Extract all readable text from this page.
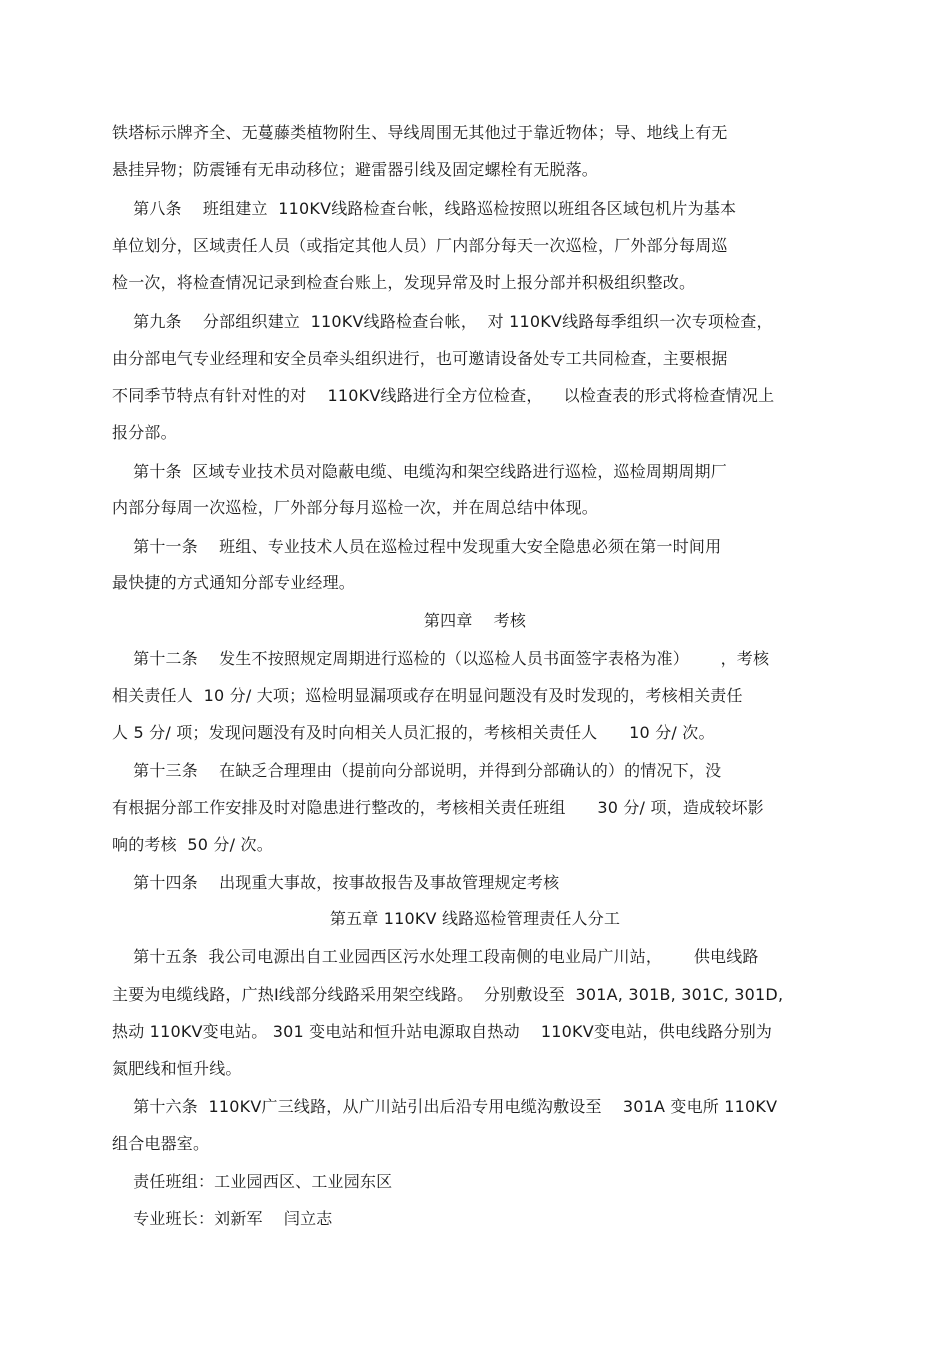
铁塔标示牌齐全、无蔓藤类植物附生、导线周围无其他过于靠近物体；导、地线上有无
悬挂异物；防震锤有无串动移位；避雷器引线及固定螺栓有无脱落。
第八条    班组建立  110KV线路检查台帐，线路巡检按照以班组各区域包机片为基本
单位划分，区域责任人员（或指定其他人员）厂内部分每天一次巡检，厂外部分每周巡
检一次，将检查情况记录到检查台账上，发现异常及时上报分部并积极组织整改。
第九条    分部组织建立  110KV线路检查台帐，  对 110KV线路每季组织一次专项检查，
由分部电气专业经理和安全员牵头组织进行，也可邀请设备处专工共同检查，主要根据
不同季节特点有针对性的对    110KV线路进行全方位检查，    以检查表的形式将检查情况上
报分部。
第十条  区域专业技术员对隐蔽电缆、电缆沟和架空线路进行巡检，巡检周期周期厂
内部分每周一次巡检，厂外部分每月巡检一次，并在周总结中体现。
第十一条    班组、专业技术人员在巡检过程中发现重大安全隐患必须在第一时间用
最快捷的方式通知分部专业经理。
第四章    考核
第十二条    发生不按照规定周期进行巡检的（以巡检人员书面签字表格为准）      ，考核
相关责任人  10 分/ 大项；巡检明显漏项或存在明显问题没有及时发现的，考核相关责任
人 5 分/ 项；发现问题没有及时向相关人员汇报的，考核相关责任人      10 分/ 次。
第十三条    在缺乏合理理由（提前向分部说明，并得到分部确认的）的情况下，没
有根据分部工作安排及时对隐患进行整改的，考核相关责任班组      30 分/ 项，造成较坏影
响的考核  50 分/ 次。
第十四条    出现重大事故，按事故报告及事故管理规定考核
第五章 110KV 线路巡检管理责任人分工
第十五条  我公司电源出自工业园西区污水处理工段南侧的电业局广川站，      供电线路
主要为电缆线路，广热Ⅰ线部分线路采用架空线路。  分别敷设至  301A, 301B, 301C, 301D,
热动 110KV变电站。 301 变电站和恒升站电源取自热动    110KV变电站，供电线路分别为
氮肥线和恒升线。
第十六条  110KV广三线路，从广川站引出后沿专用电缆沟敷设至    301A 变电所 110KV
组合电器室。
责任班组：工业园西区、工业园东区
专业班长：刘新军    闫立志
